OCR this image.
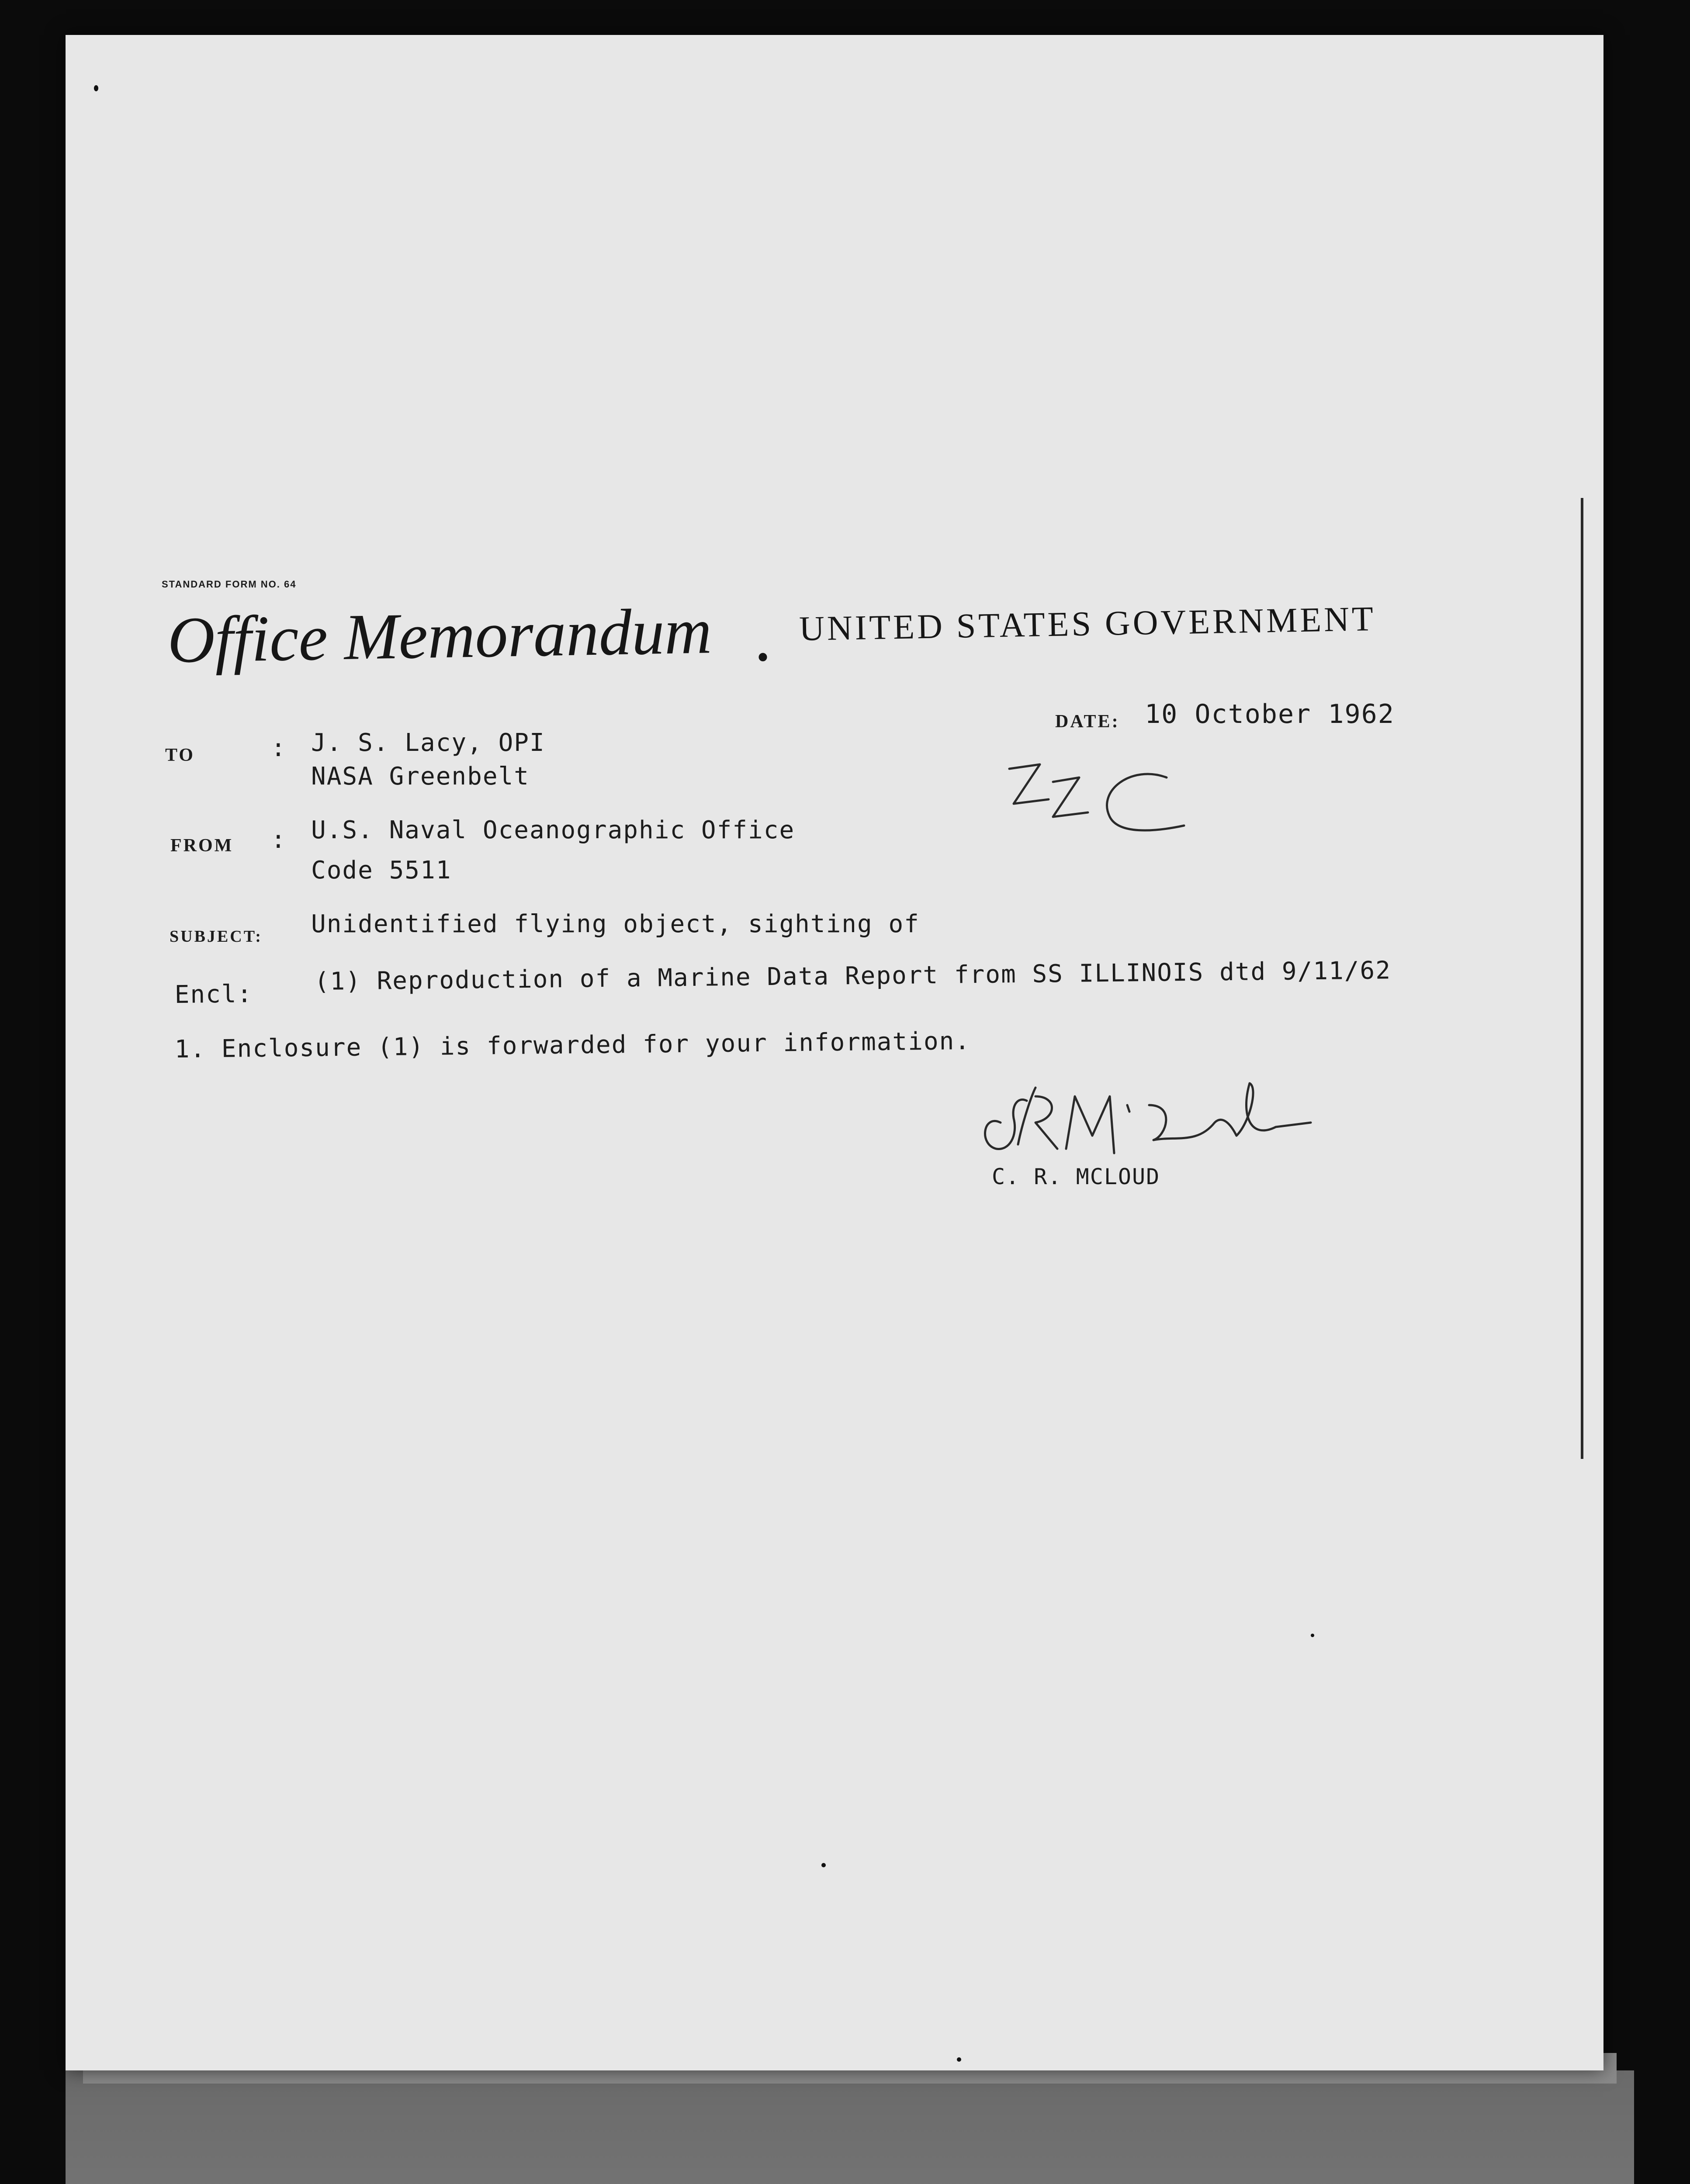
STANDARD FORM NO. 64
Office Memorandum •
UNITED STATES GOVERNMENT
DATE: 10 October 1962
TO	: J. S. Lacy, OPI
NASA Greenbelt
FROM : U.S. Naval Oceanographic Office
Code 5511
SUBJECT: Unidentified flying object, sighting of
Encl:	(1) Reproduction of a Marine Data Report from SS ILLINOIS dtd 9/11/62
1. Enclosure (1) is forwarded for your information.
C. R. MCLOUD
